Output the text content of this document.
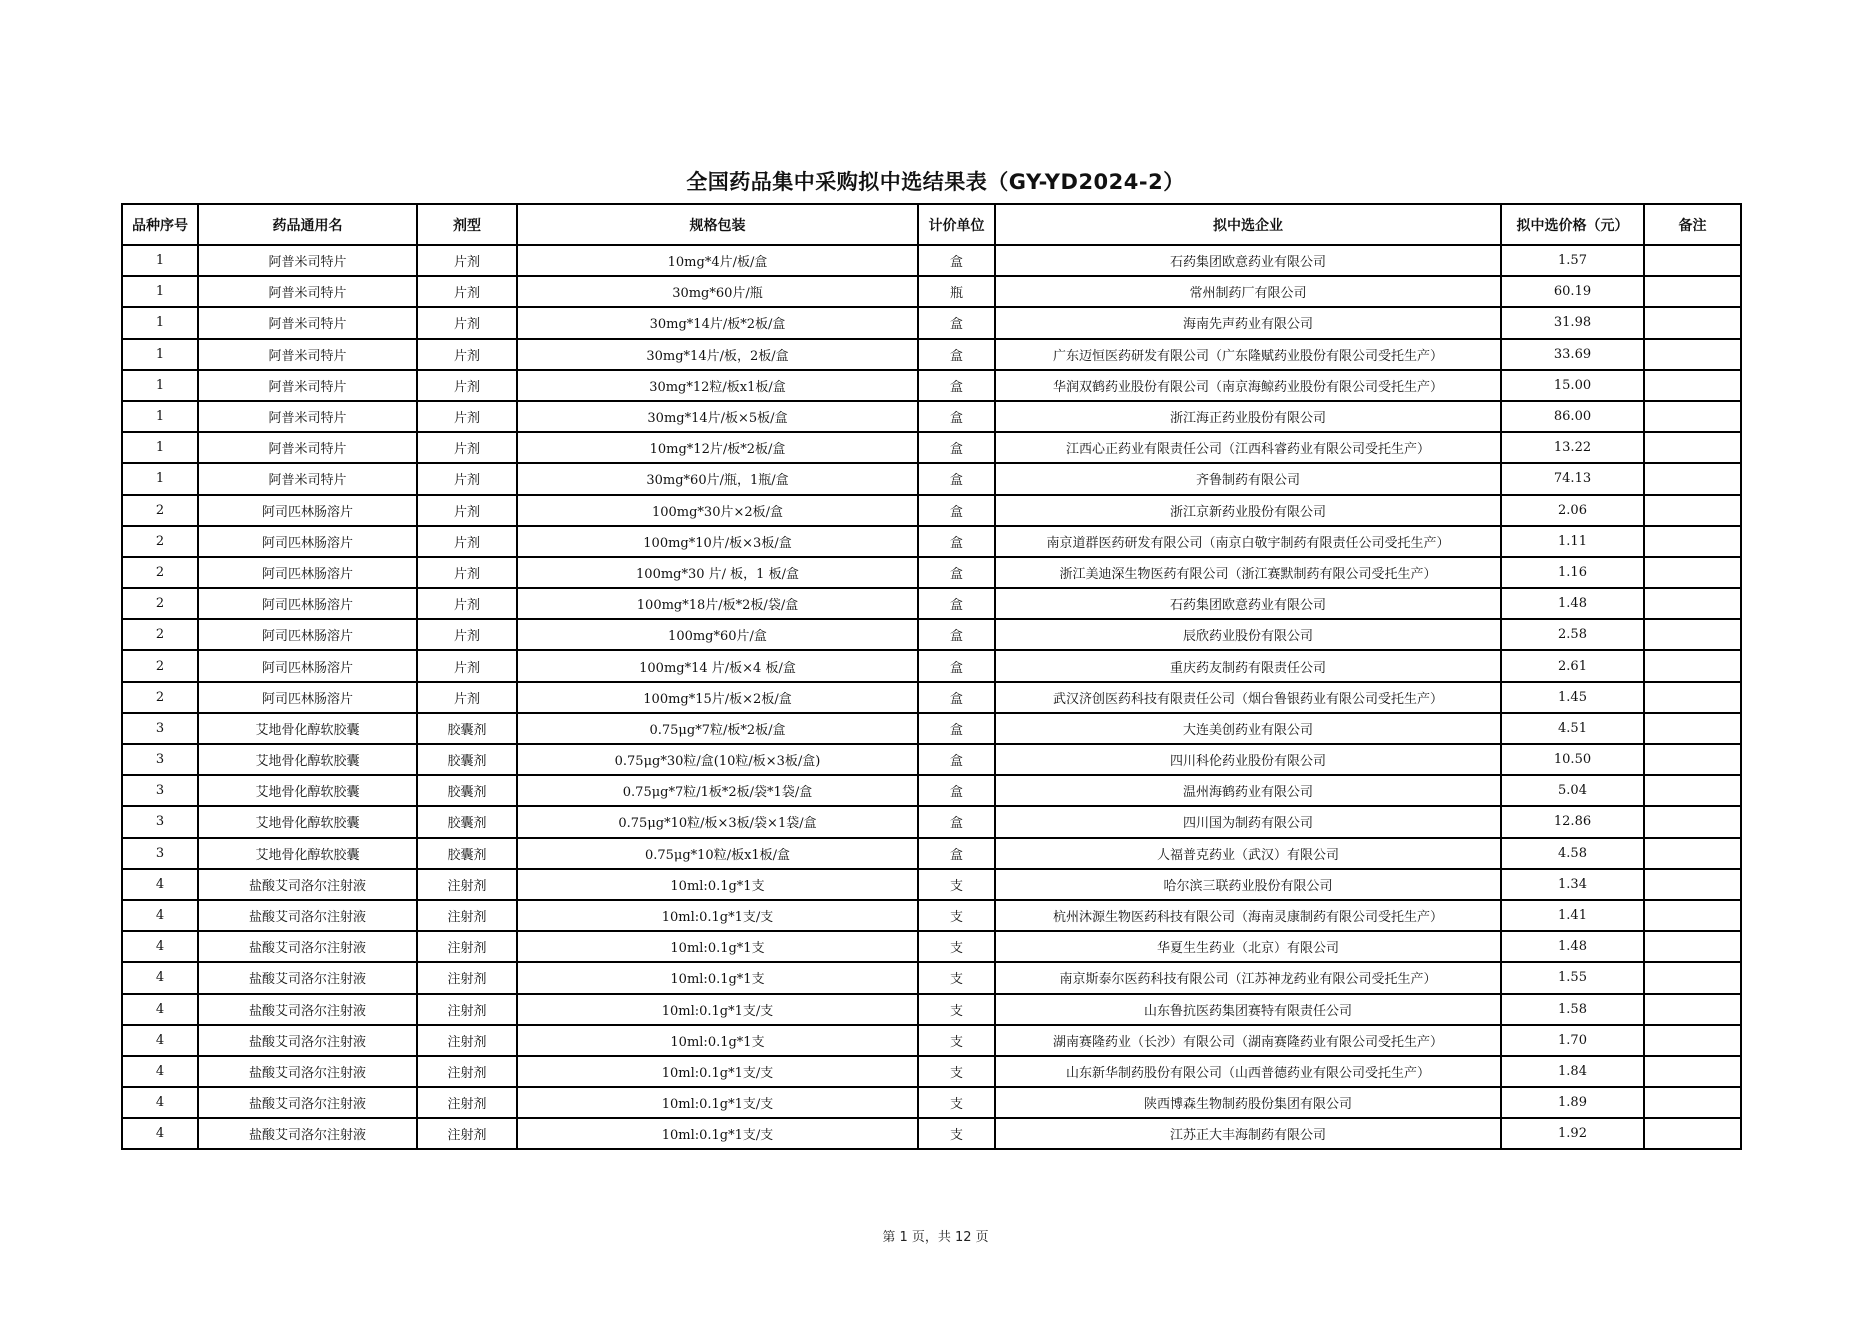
全国药品集中采购拟中选结果表（GY-YD2024-2）
品种序号	药品通用名	剂型	规格包装	计价单位	拟中选企业	拟中选价格（元）	备注
1	阿普米司特片	片剂	10mg*4片/板/盒	盒	石药集团欧意药业有限公司	1.57	
1	阿普米司特片	片剂	30mg*60片/瓶	瓶	常州制药厂有限公司	60.19	
1	阿普米司特片	片剂	30mg*14片/板*2板/盒	盒	海南先声药业有限公司	31.98	
1	阿普米司特片	片剂	30mg*14片/板，2板/盒	盒	广东迈恒医药研发有限公司（广东隆赋药业股份有限公司受托生产）	33.69	
1	阿普米司特片	片剂	30mg*12粒/板x1板/盒	盒	华润双鹤药业股份有限公司（南京海鲸药业股份有限公司受托生产）	15.00	
1	阿普米司特片	片剂	30mg*14片/板×5板/盒	盒	浙江海正药业股份有限公司	86.00	
1	阿普米司特片	片剂	10mg*12片/板*2板/盒	盒	江西心正药业有限责任公司（江西科睿药业有限公司受托生产）	13.22	
1	阿普米司特片	片剂	30mg*60片/瓶，1瓶/盒	盒	齐鲁制药有限公司	74.13	
2	阿司匹林肠溶片	片剂	100mg*30片×2板/盒	盒	浙江京新药业股份有限公司	2.06	
2	阿司匹林肠溶片	片剂	100mg*10片/板×3板/盒	盒	南京道群医药研发有限公司（南京白敬宇制药有限责任公司受托生产）	1.11	
2	阿司匹林肠溶片	片剂	100mg*30 片/ 板，1 板/盒	盒	浙江美迪深生物医药有限公司（浙江赛默制药有限公司受托生产）	1.16	
2	阿司匹林肠溶片	片剂	100mg*18片/板*2板/袋/盒	盒	石药集团欧意药业有限公司	1.48	
2	阿司匹林肠溶片	片剂	100mg*60片/盒	盒	辰欣药业股份有限公司	2.58	
2	阿司匹林肠溶片	片剂	100mg*14 片/板×4 板/盒	盒	重庆药友制药有限责任公司	2.61	
2	阿司匹林肠溶片	片剂	100mg*15片/板×2板/盒	盒	武汉济创医药科技有限责任公司（烟台鲁银药业有限公司受托生产）	1.45	
3	艾地骨化醇软胶囊	胶囊剂	0.75μg*7粒/板*2板/盒	盒	大连美创药业有限公司	4.51	
3	艾地骨化醇软胶囊	胶囊剂	0.75μg*30粒/盒(10粒/板×3板/盒)	盒	四川科伦药业股份有限公司	10.50	
3	艾地骨化醇软胶囊	胶囊剂	0.75μg*7粒/1板*2板/袋*1袋/盒	盒	温州海鹤药业有限公司	5.04	
3	艾地骨化醇软胶囊	胶囊剂	0.75μg*10粒/板×3板/袋×1袋/盒	盒	四川国为制药有限公司	12.86	
3	艾地骨化醇软胶囊	胶囊剂	0.75μg*10粒/板x1板/盒	盒	人福普克药业（武汉）有限公司	4.58	
4	盐酸艾司洛尔注射液	注射剂	10ml:0.1g*1支	支	哈尔滨三联药业股份有限公司	1.34	
4	盐酸艾司洛尔注射液	注射剂	10ml:0.1g*1支/支	支	杭州沐源生物医药科技有限公司（海南灵康制药有限公司受托生产）	1.41	
4	盐酸艾司洛尔注射液	注射剂	10ml:0.1g*1支	支	华夏生生药业（北京）有限公司	1.48	
4	盐酸艾司洛尔注射液	注射剂	10ml:0.1g*1支	支	南京斯泰尔医药科技有限公司（江苏神龙药业有限公司受托生产）	1.55	
4	盐酸艾司洛尔注射液	注射剂	10ml:0.1g*1支/支	支	山东鲁抗医药集团赛特有限责任公司	1.58	
4	盐酸艾司洛尔注射液	注射剂	10ml:0.1g*1支	支	湖南赛隆药业（长沙）有限公司（湖南赛隆药业有限公司受托生产）	1.70	
4	盐酸艾司洛尔注射液	注射剂	10ml:0.1g*1支/支	支	山东新华制药股份有限公司（山西普德药业有限公司受托生产）	1.84	
4	盐酸艾司洛尔注射液	注射剂	10ml:0.1g*1支/支	支	陕西博森生物制药股份集团有限公司	1.89	
4	盐酸艾司洛尔注射液	注射剂	10ml:0.1g*1支/支	支	江苏正大丰海制药有限公司	1.92	
第 1 页，共 12 页
